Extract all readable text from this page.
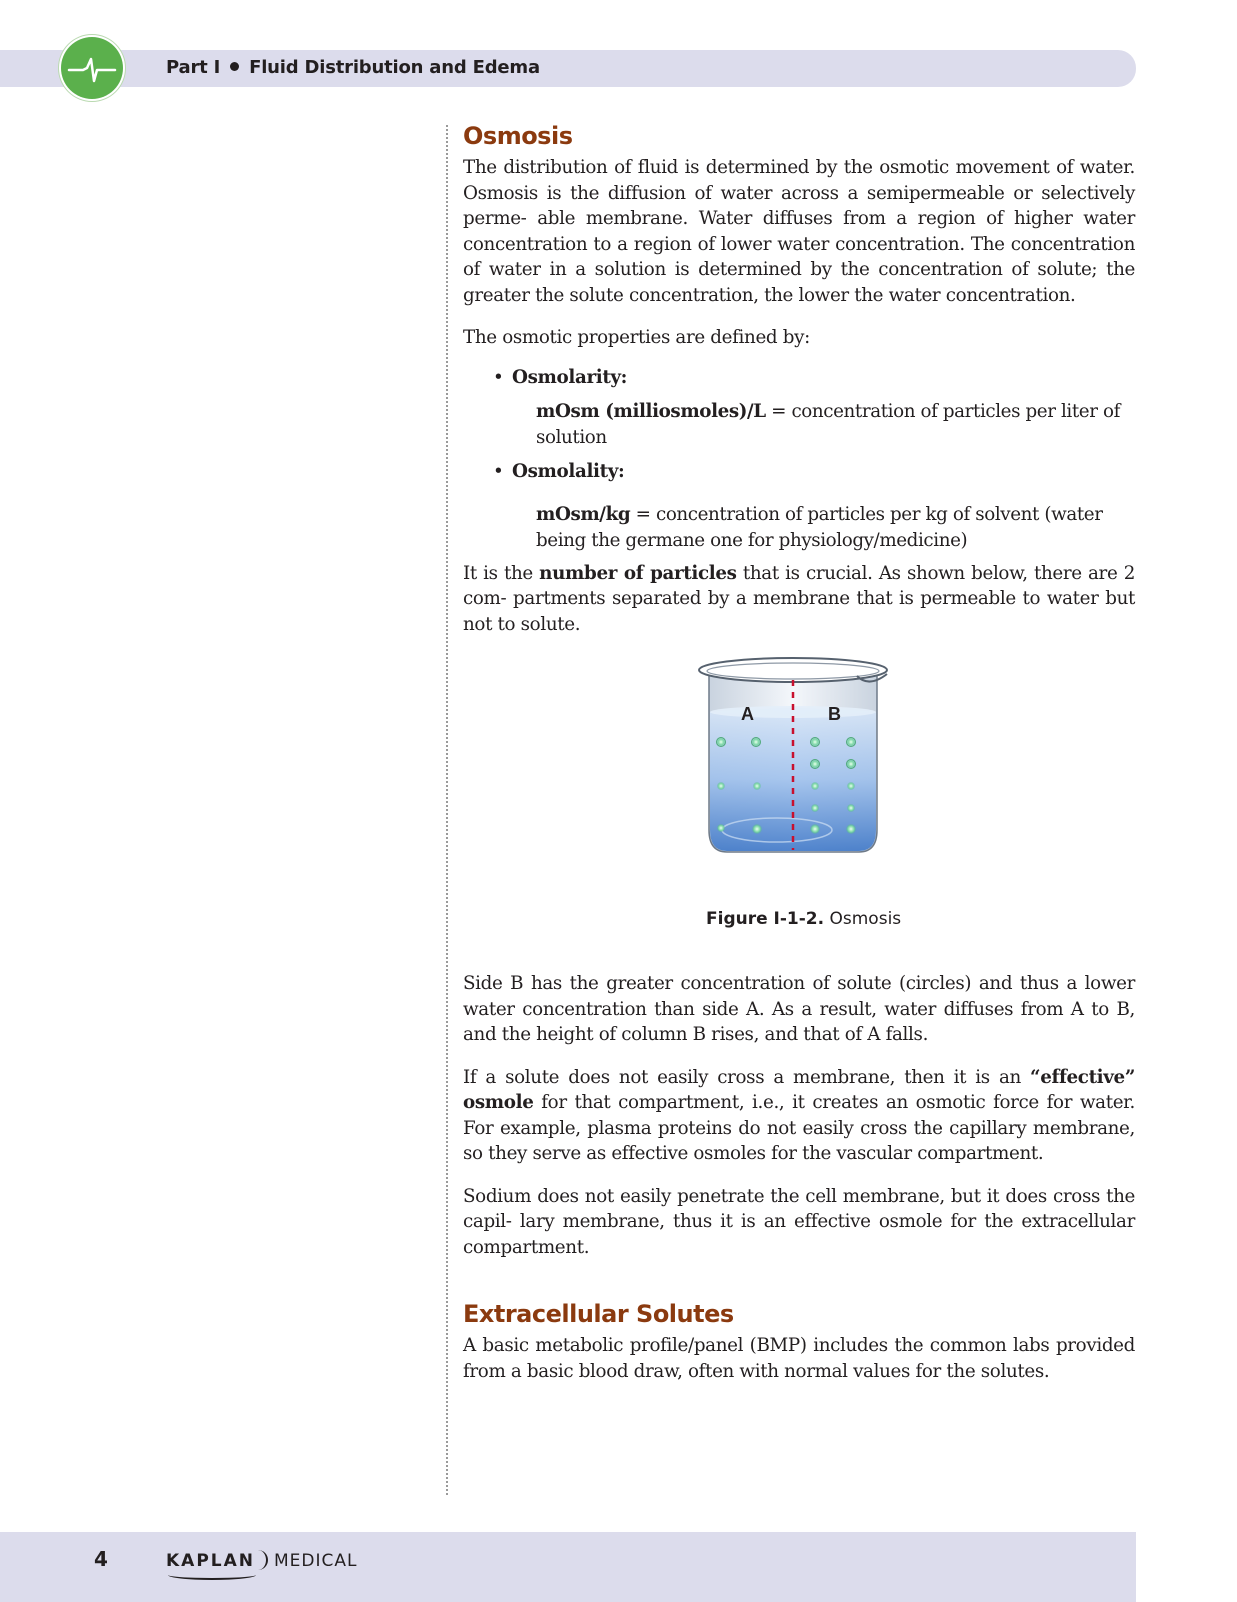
Part I Fluid Distribution and Edema
Osmosis

The distribution of fluid is determined by the osmotic movement of water. Osmosis is the diffusion of water across a semipermeable or selectively perme- able membrane. Water diffuses from a region of higher water concentration to a region of lower water concentration. The concentration of water in a solution is determined by the concentration of solute; the greater the solute concentration, the lower the water concentration.

The osmotic properties are defined by:

• Osmolarity:
mOsm (milliosmoles)/L = concentration of particles per liter of solution
• Osmolality:
mOsm/kg = concentration of particles per kg of solvent (water being the germane one for physiology/medicine)

It is the number of particles that is crucial. As shown below, there are 2 com- partments separated by a membrane that is permeable to water but not to solute.

A	B
Figure I-1-2. Osmosis

Side B has the greater concentration of solute (circles) and thus a lower water concentration than side A. As a result, water diffuses from A to B, and the height of column B rises, and that of A falls.

If a solute does not easily cross a membrane, then it is an “effective” osmole for that compartment, i.e., it creates an osmotic force for water. For example, plasma proteins do not easily cross the capillary membrane, so they serve as effective osmoles for the vascular compartment.

Sodium does not easily penetrate the cell membrane, but it does cross the capil- lary membrane, thus it is an effective osmole for the extracellular compartment.

Extracellular Solutes

A basic metabolic profile/panel (BMP) includes the common labs provided from a basic blood draw, often with normal values for the solutes.

4	KAPLAN MEDICAL
